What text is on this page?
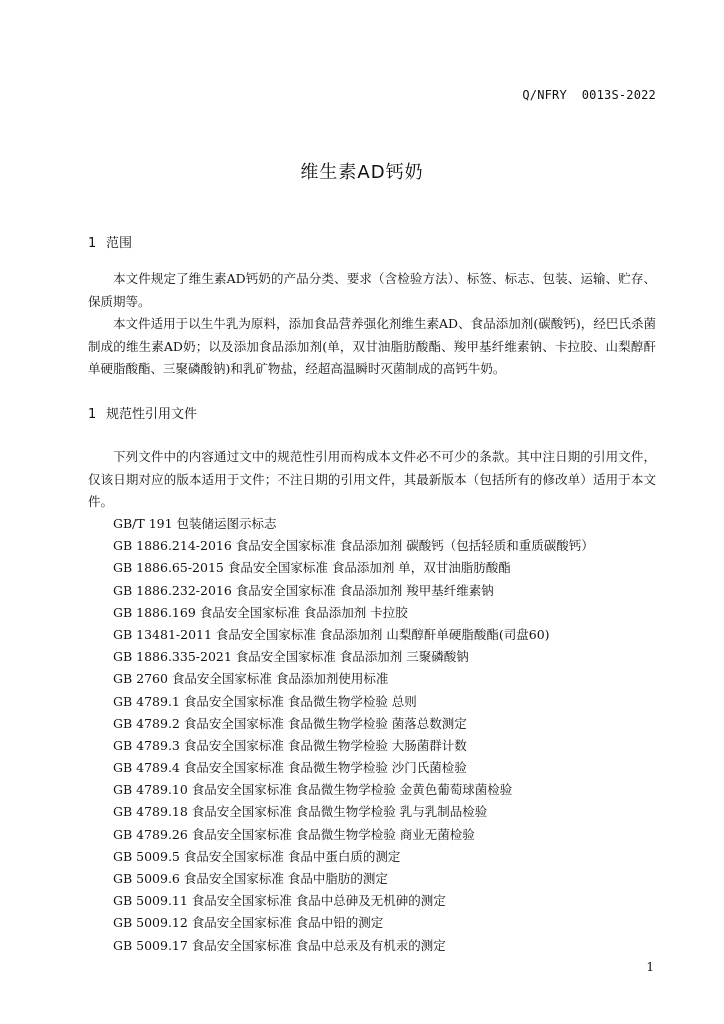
Q/NFRY  0013S-2022
维生素AD钙奶
1 范围

本文件规定了维生素AD钙奶的产品分类、要求（含检验方法）、标签、标志、包装、运输、贮存、保质期等。

本文件适用于以生牛乳为原料，添加食品营养强化剂维生素AD、食品添加剂(碳酸钙)，经巴氏杀菌制成的维生素AD奶；以及添加食品添加剂(单，双甘油脂肪酸酯、羧甲基纤维素钠、卡拉胶、山梨醇酐单硬脂酸酯、三聚磷酸钠)和乳矿物盐，经超高温瞬时灭菌制成的高钙牛奶。

1 规范性引用文件

下列文件中的内容通过文中的规范性引用而构成本文件必不可少的条款。其中注日期的引用文件，仅该日期对应的版本适用于文件；不注日期的引用文件，其最新版本（包括所有的修改单）适用于本文件。

GB/T 191 包装储运图示标志
GB 1886.214-2016 食品安全国家标准 食品添加剂 碳酸钙（包括轻质和重质碳酸钙）
GB 1886.65-2015 食品安全国家标准 食品添加剂 单，双甘油脂肪酸酯
GB 1886.232-2016 食品安全国家标准 食品添加剂 羧甲基纤维素钠
GB 1886.169 食品安全国家标准 食品添加剂 卡拉胶
GB 13481-2011 食品安全国家标准 食品添加剂 山梨醇酐单硬脂酸酯(司盘60)
GB 1886.335-2021 食品安全国家标准 食品添加剂 三聚磷酸钠
GB 2760 食品安全国家标准 食品添加剂使用标准
GB 4789.1 食品安全国家标准 食品微生物学检验 总则
GB 4789.2 食品安全国家标准 食品微生物学检验 菌落总数测定
GB 4789.3 食品安全国家标准 食品微生物学检验 大肠菌群计数
GB 4789.4 食品安全国家标准 食品微生物学检验 沙门氏菌检验
GB 4789.10 食品安全国家标准 食品微生物学检验 金黄色葡萄球菌检验
GB 4789.18 食品安全国家标准 食品微生物学检验 乳与乳制品检验
GB 4789.26 食品安全国家标准 食品微生物学检验 商业无菌检验
GB 5009.5 食品安全国家标准 食品中蛋白质的测定
GB 5009.6 食品安全国家标准 食品中脂肪的测定
GB 5009.11 食品安全国家标准 食品中总砷及无机砷的测定
GB 5009.12 食品安全国家标准 食品中铅的测定
GB 5009.17 食品安全国家标准 食品中总汞及有机汞的测定
1
